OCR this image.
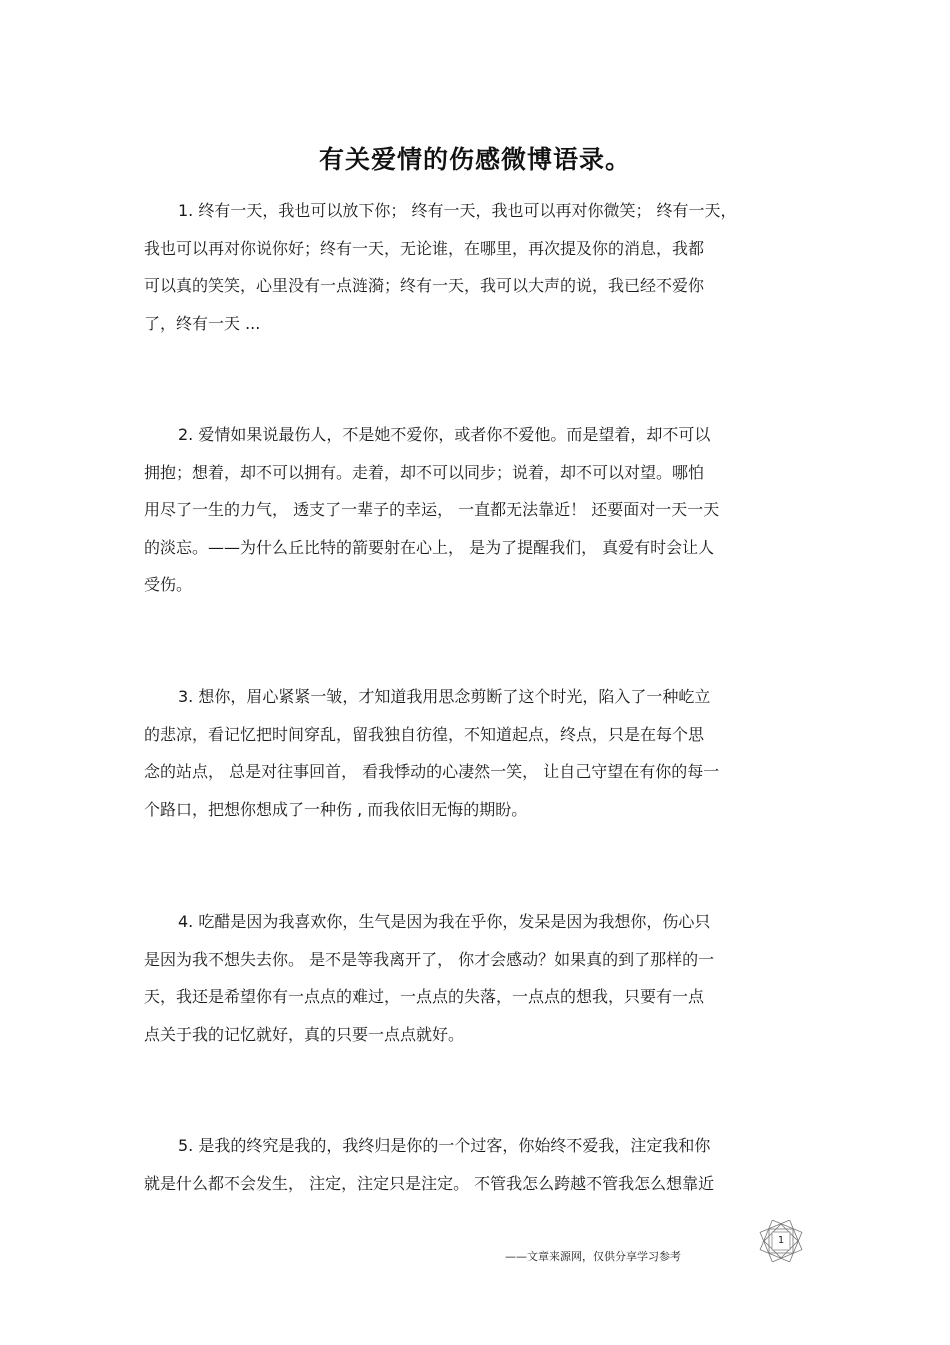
有关爱情的伤感微博语录。
1. 终有一天，我也可以放下你； 终有一天，我也可以再对你微笑； 终有一天，
我也可以再对你说你好；终有一天，无论谁，在哪里，再次提及你的消息，我都
可以真的笑笑，心里没有一点涟漪；终有一天，我可以大声的说，我已经不爱你
了，终有一天 ...
2. 爱情如果说最伤人，不是她不爱你，或者你不爱他。而是望着，却不可以
拥抱；想着，却不可以拥有。走着，却不可以同步；说着，却不可以对望。哪怕
用尽了一生的力气， 透支了一辈子的幸运， 一直都无法靠近！ 还要面对一天一天
的淡忘。——为什么丘比特的箭要射在心上， 是为了提醒我们， 真爱有时会让人
受伤。
3. 想你，眉心紧紧一皱，才知道我用思念剪断了这个时光，陷入了一种屹立
的悲凉，看记忆把时间穿乱，留我独自彷徨，不知道起点，终点，只是在每个思
念的站点， 总是对往事回首， 看我悸动的心凄然一笑， 让自己守望在有你的每一
个路口，把想你想成了一种伤 , 而我依旧无悔的期盼。
4. 吃醋是因为我喜欢你，生气是因为我在乎你，发呆是因为我想你，伤心只
是因为我不想失去你。 是不是等我离开了， 你才会感动？如果真的到了那样的一
天，我还是希望你有一点点的难过，一点点的失落，一点点的想我，只要有一点
点关于我的记忆就好，真的只要一点点就好。
5. 是我的终究是我的，我终归是你的一个过客，你始终不爱我，注定我和你
就是什么都不会发生， 注定，注定只是注定。 不管我怎么跨越不管我怎么想靠近
——文章来源网，仅供分享学习参考
1
